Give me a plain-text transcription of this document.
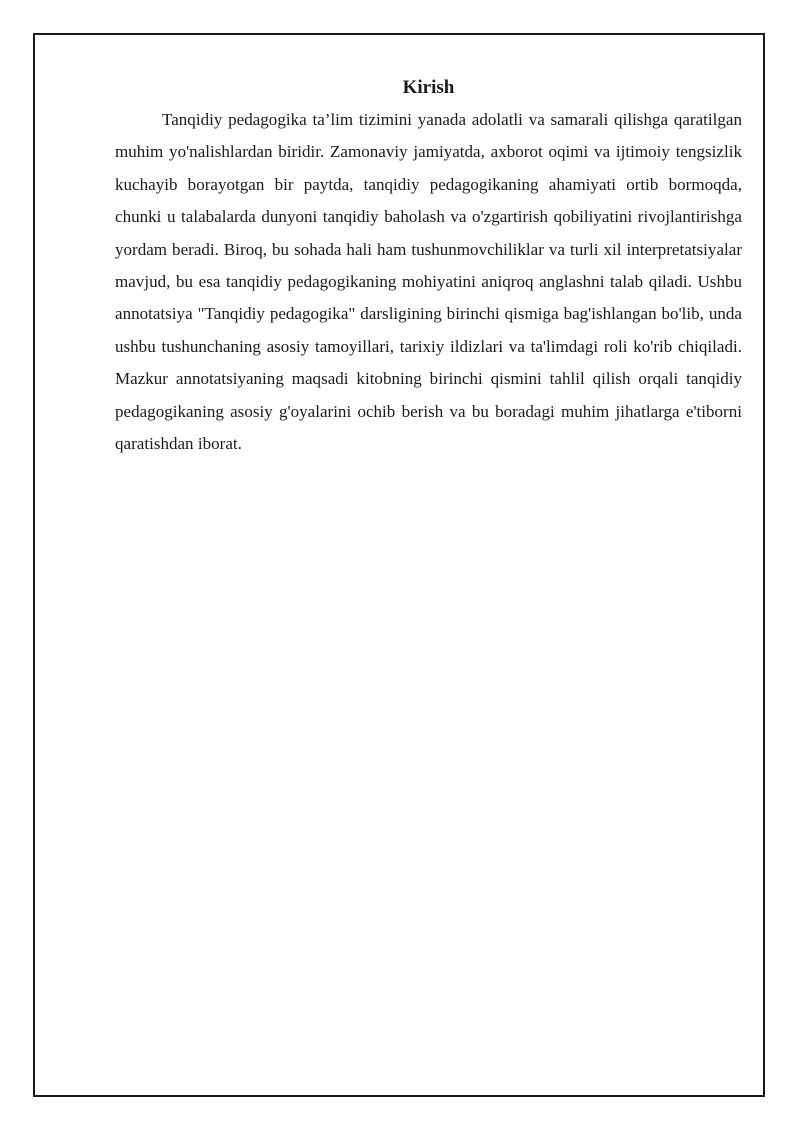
Kirish

Tanqidiy pedagogika ta’lim tizimini yanada adolatli va samarali qilishga qaratilgan muhim yo'nalishlardan biridir. Zamonaviy jamiyatda, axborot oqimi va ijtimoiy tengsizlik kuchayib borayotgan bir paytda, tanqidiy pedagogikaning ahamiyati ortib bormoqda, chunki u talabalarda dunyoni tanqidiy baholash va o'zgartirish qobiliyatini rivojlantirishga yordam beradi. Biroq, bu sohada hali ham tushunmovchiliklar va turli xil interpretatsiyalar mavjud, bu esa tanqidiy pedagogikaning mohiyatini aniqroq anglashni talab qiladi. Ushbu annotatsiya "Tanqidiy pedagogika" darsligining birinchi qismiga bag'ishlangan bo'lib, unda ushbu tushunchaning asosiy tamoyillari, tarixiy ildizlari va ta'limdagi roli ko'rib chiqiladi. Mazkur annotatsiyaning maqsadi kitobning birinchi qismini tahlil qilish orqali tanqidiy pedagogikaning asosiy g'oyalarini ochib berish va bu boradagi muhim jihatlarga e'tiborni qaratishdan iborat.
